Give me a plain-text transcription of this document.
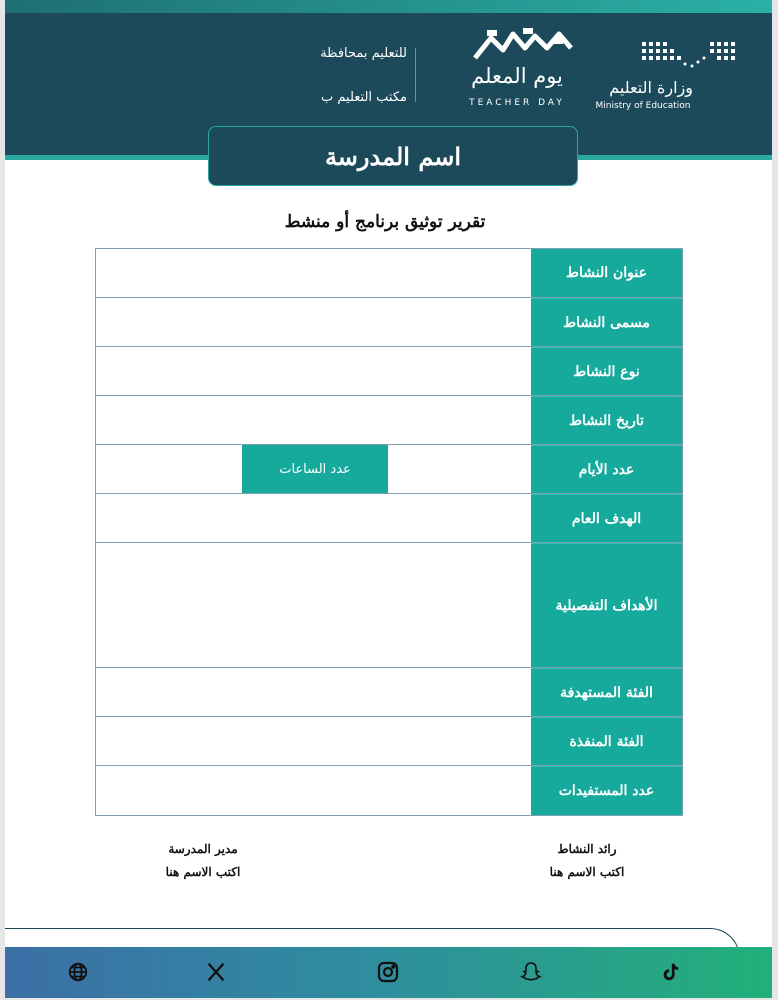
وزارة التعليم
Ministry of Education
يوم المعلم
TEACHER DAY
للتعليم بمحافظة
مكتب التعليم ب
اسم المدرسة
تقرير توثيق برنامج أو منشط
عنوان النشاط
مسمى النشاط
نوع النشاط
تاريخ النشاط
عدد الساعات	عدد الأيام
الهدف العام
الأهداف التفصيلية
الفئة المستهدفة
الفئة المنفذة
عدد المستفيدات
رائد النشاط
اكتب الاسم هنا
مدير المدرسة
اكتب الاسم هنا
